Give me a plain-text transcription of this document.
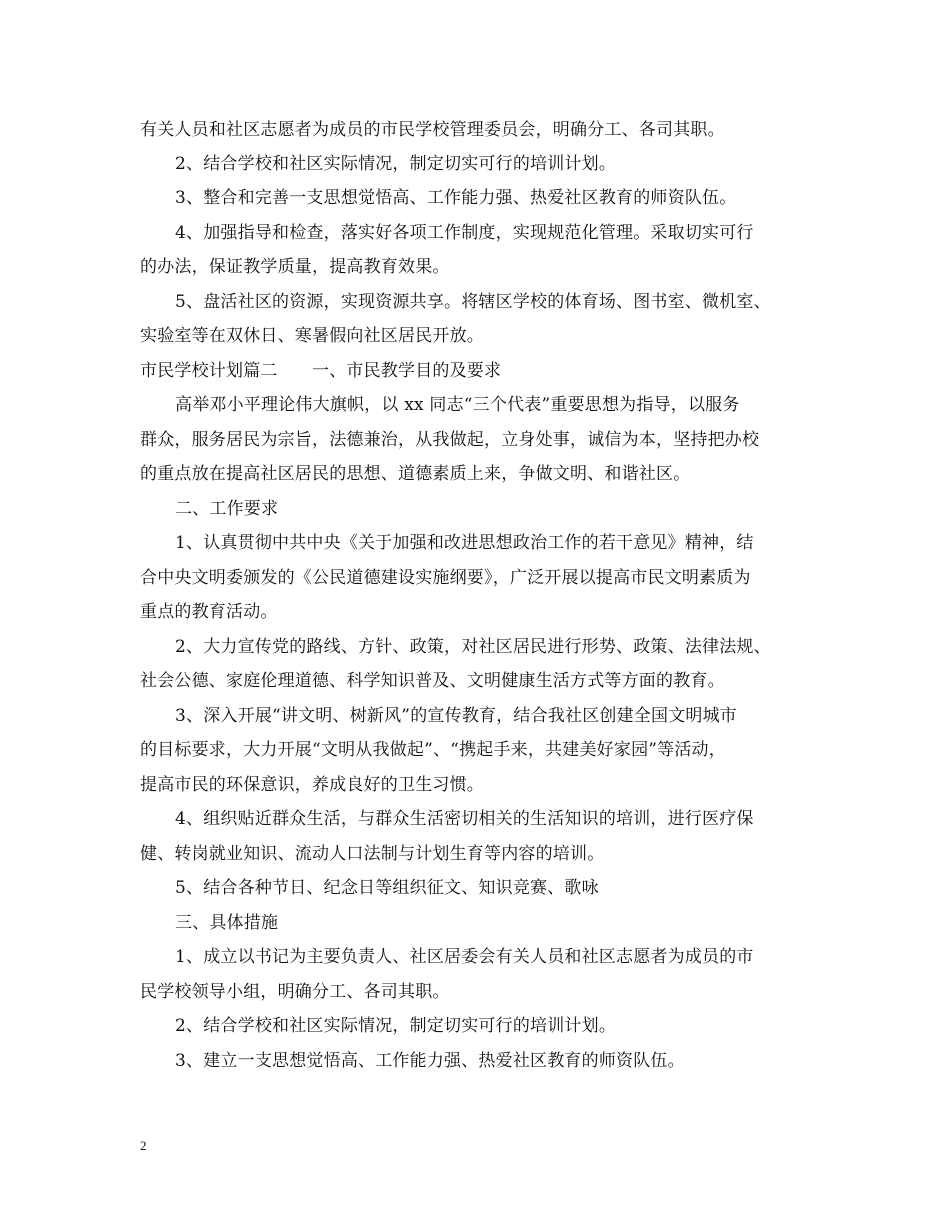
有关人员和社区志愿者为成员的市民学校管理委员会，明确分工、各司其职。
2、结合学校和社区实际情况，制定切实可行的培训计划。
3、整合和完善一支思想觉悟高、工作能力强、热爱社区教育的师资队伍。
4、加强指导和检查，落实好各项工作制度，实现规范化管理。采取切实可行
的办法，保证教学质量，提高教育效果。
5、盘活社区的资源，实现资源共享。将辖区学校的体育场、图书室、微机室、
实验室等在双休日、寒暑假向社区居民开放。
市民学校计划篇二　　一、市民教学目的及要求
高举邓小平理论伟大旗帜，以 xx 同志“三个代表”重要思想为指导，以服务
群众，服务居民为宗旨，法德兼治，从我做起，立身处事，诚信为本，坚持把办校
的重点放在提高社区居民的思想、道德素质上来，争做文明、和谐社区。
二、工作要求
1、认真贯彻中共中央《关于加强和改进思想政治工作的若干意见》精神，结
合中央文明委颁发的《公民道德建设实施纲要》，广泛开展以提高市民文明素质为
重点的教育活动。
2、大力宣传党的路线、方针、政策，对社区居民进行形势、政策、法律法规、
社会公德、家庭伦理道德、科学知识普及、文明健康生活方式等方面的教育。
3、深入开展“讲文明、树新风”的宣传教育，结合我社区创建全国文明城市
的目标要求，大力开展“文明从我做起”、“携起手来，共建美好家园”等活动，
提高市民的环保意识，养成良好的卫生习惯。
4、组织贴近群众生活，与群众生活密切相关的生活知识的培训，进行医疗保
健、转岗就业知识、流动人口法制与计划生育等内容的培训。
5、结合各种节日、纪念日等组织征文、知识竞赛、歌咏
三、具体措施
1、成立以书记为主要负责人、社区居委会有关人员和社区志愿者为成员的市
民学校领导小组，明确分工、各司其职。
2、结合学校和社区实际情况，制定切实可行的培训计划。
3、建立一支思想觉悟高、工作能力强、热爱社区教育的师资队伍。
2
